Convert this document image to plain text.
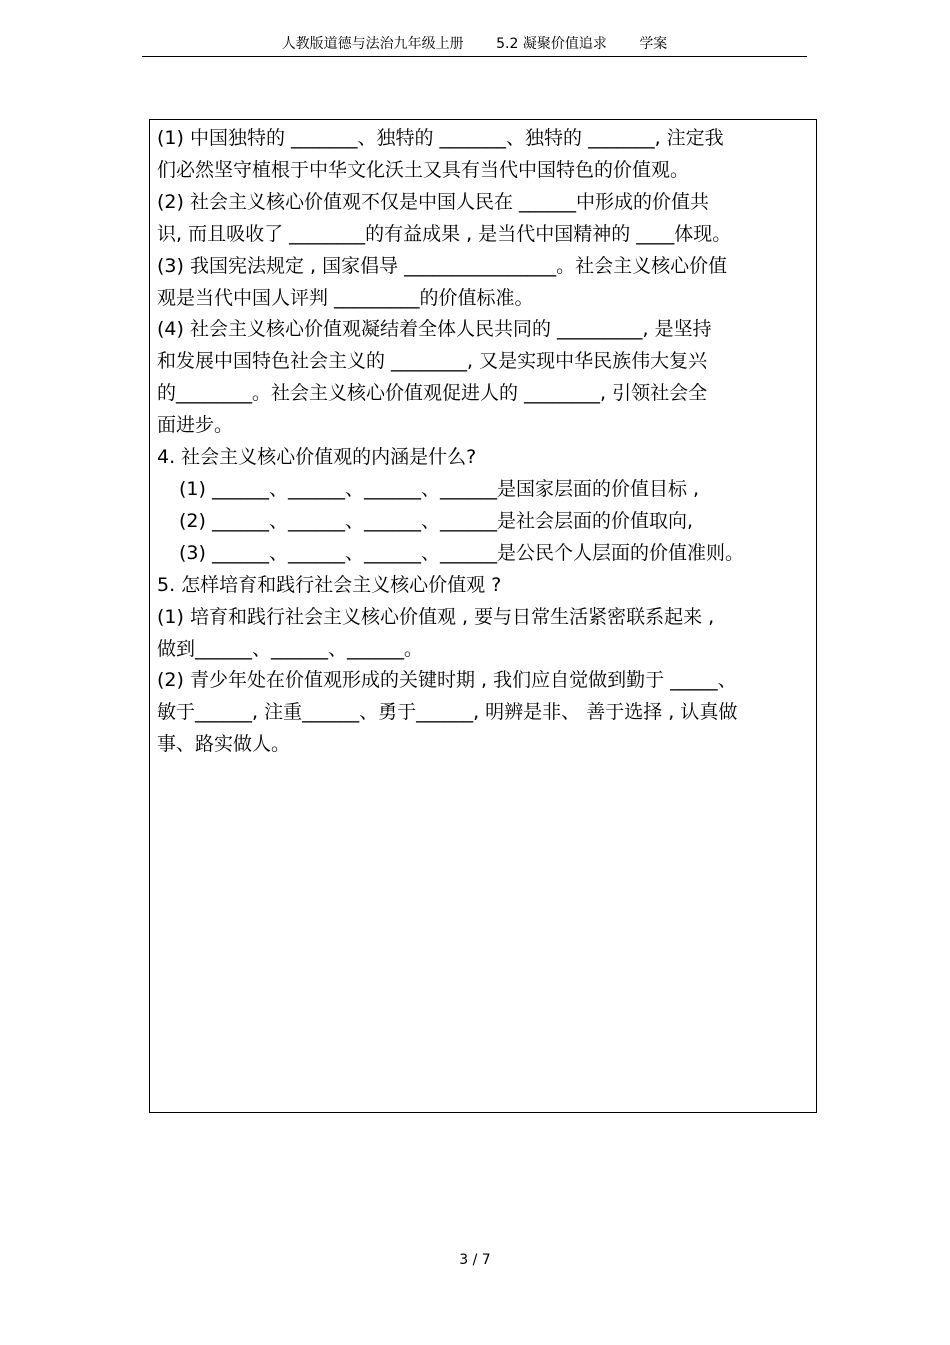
人教版道德与法治九年级上册 5.2 凝聚价值追求 学案
(1) 中国独特的 _______、独特的 _______、独特的 _______, 注定我
们必然坚守植根于中华文化沃土又具有当代中国特色的价值观。
(2) 社会主义核心价值观不仅是中国人民在 ______中形成的价值共
识, 而且吸收了 ________的有益成果 , 是当代中国精神的 ____体现。
(3) 我国宪法规定 , 国家倡导 ________________。社会主义核心价值
观是当代中国人评判 _________的价值标准。
(4) 社会主义核心价值观凝结着全体人民共同的 _________, 是坚持
和发展中国特色社会主义的 ________, 又是实现中华民族伟大复兴
的________。社会主义核心价值观促进人的 ________, 引领社会全
面进步。
4. 社会主义核心价值观的内涵是什么?
(1) ______、______、______、______是国家层面的价值目标 ,
(2) ______、______、______、______是社会层面的价值取向,
(3) ______、______、______、______是公民个人层面的价值准则。
5. 怎样培育和践行社会主义核心价值观 ?
(1) 培育和践行社会主义核心价值观 , 要与日常生活紧密联系起来 ,
做到______、______、______。
(2) 青少年处在价值观形成的关键时期 , 我们应自觉做到勤于 _____、
敏于______, 注重______、勇于______, 明辨是非、 善于选择 , 认真做
事、路实做人。
3 / 7
